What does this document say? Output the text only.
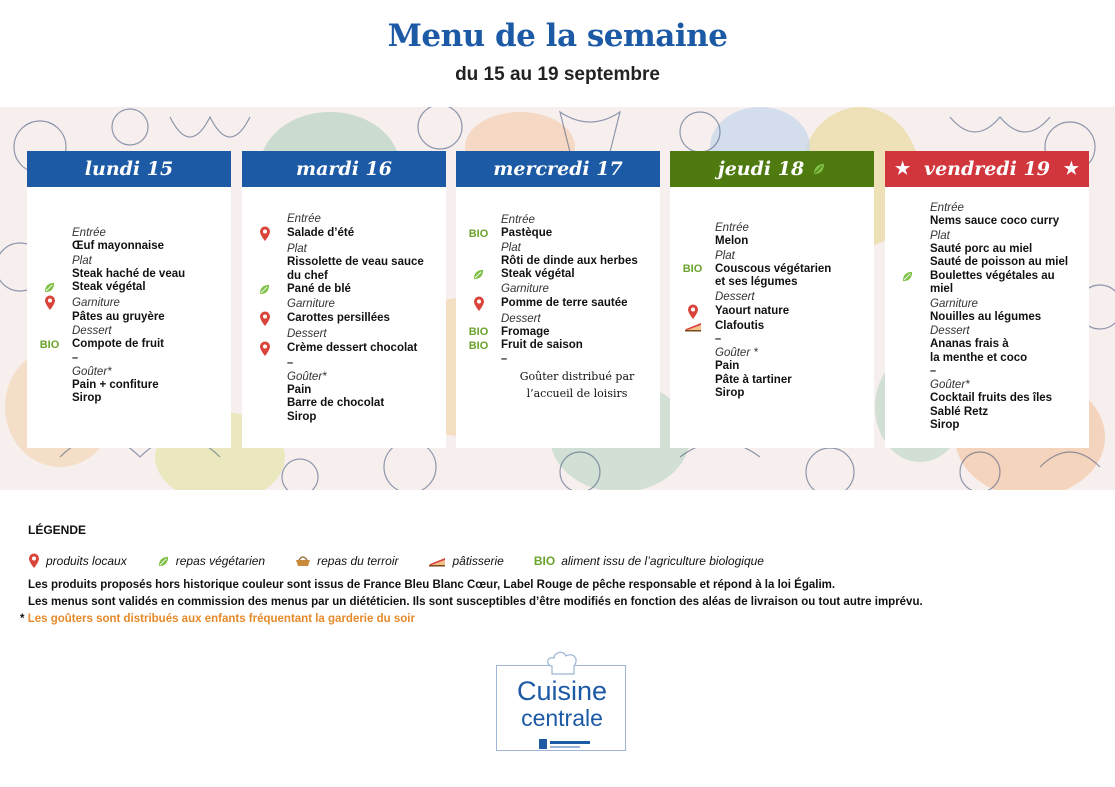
Menu de la semaine
du 15 au 19 septembre
lundi 15
Entrée
Œuf mayonnaise
Plat
Steak haché de veau
Steak végétal
Garniture
Pâtes au gruyère
Dessert
BIO Compote de fruit
–
Goûter*
Pain + confiture
Sirop
mardi 16
Entrée
Salade d’été
Plat
Rissolette de veau sauce
du chef
Pané de blé
Garniture
Carottes persillées
Dessert
Crème dessert chocolat
–
Goûter*
Pain
Barre de chocolat
Sirop
mercredi 17
Entrée
BIO Pastèque
Plat
Rôti de dinde aux herbes
Steak végétal
Garniture
Pomme de terre sautée
Dessert
BIO Fromage
BIO Fruit de saison
–
Goûter distribué par
l’accueil de loisirs
jeudi 18
Entrée
Melon
Plat
BIO Couscous végétarien
et ses légumes
Dessert
Yaourt nature
Clafoutis
–
Goûter *
Pain
Pâte à tartiner
Sirop
★ vendredi 19 ★
Entrée
Nems sauce coco curry
Plat
Sauté porc au miel
Sauté de poisson au miel
Boulettes végétales au
miel
Garniture
Nouilles au légumes
Dessert
Ananas frais à
la menthe et coco
–
Goûter*
Cocktail fruits des îles
Sablé Retz
Sirop
LÉGENDE
produits locaux	repas végétarien	repas du terroir	pâtisserie	BIO aliment issu de l’agriculture biologique
Les produits proposés hors historique couleur sont issus de France Bleu Blanc Cœur, Label Rouge de pêche responsable et répond à la loi Égalim.
Les menus sont validés en commission des menus par un diététicien. Ils sont susceptibles d’être modifiés en fonction des aléas de livraison ou tout autre imprévu.
* Les goûters sont distribués aux enfants fréquentant la garderie du soir
Cuisine
centrale
